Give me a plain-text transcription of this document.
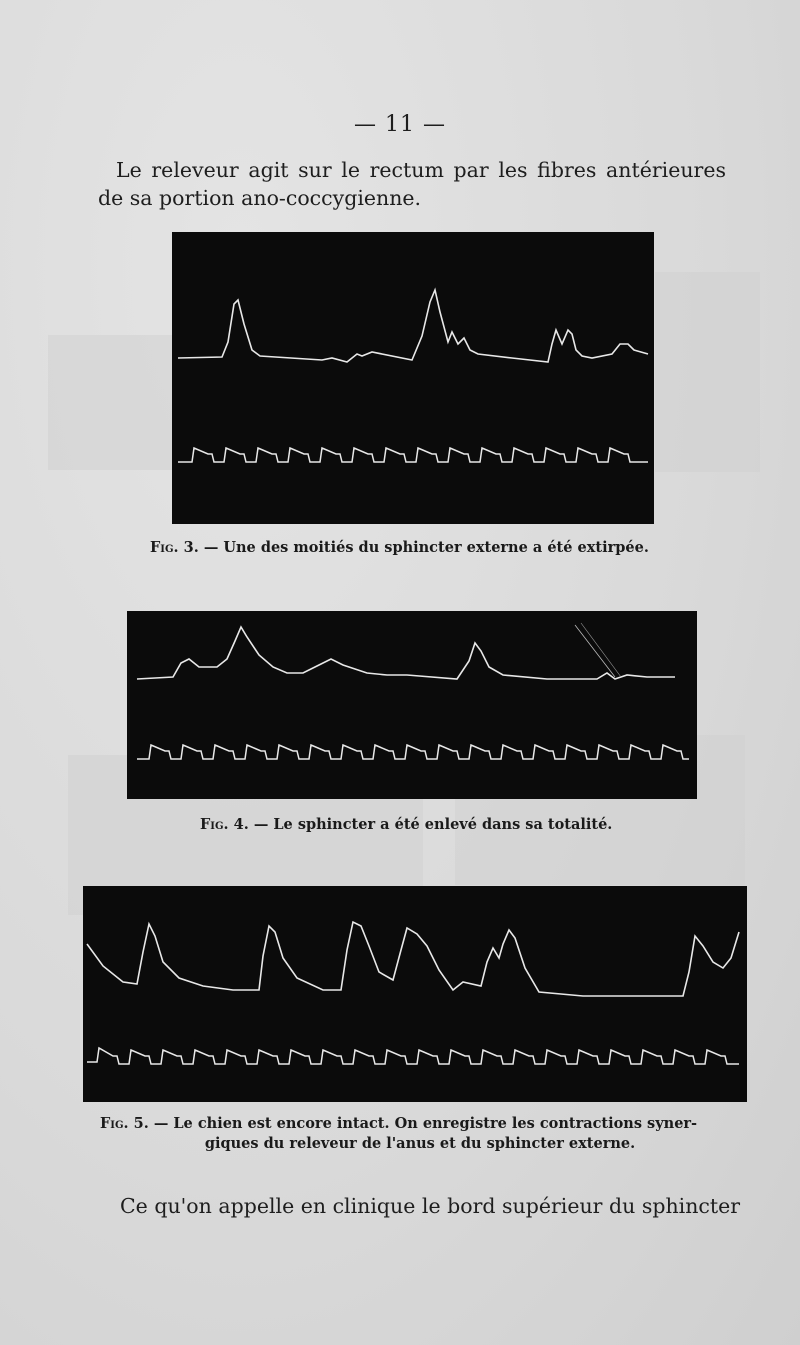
— 11 —

Le releveur agit sur le rectum par les fibres antérieures de sa portion ano-coccygienne.

Fig. 3. — Une des moitiés du sphincter externe a été extirpée.

Fig. 4. — Le sphincter a été enlevé dans sa totalité.

Fig. 5. — Le chien est encore intact. On enregistre les contractions syner-
giques du releveur de l'anus et du sphincter externe.

Ce qu'on appelle en clinique le bord supérieur du sphincter
